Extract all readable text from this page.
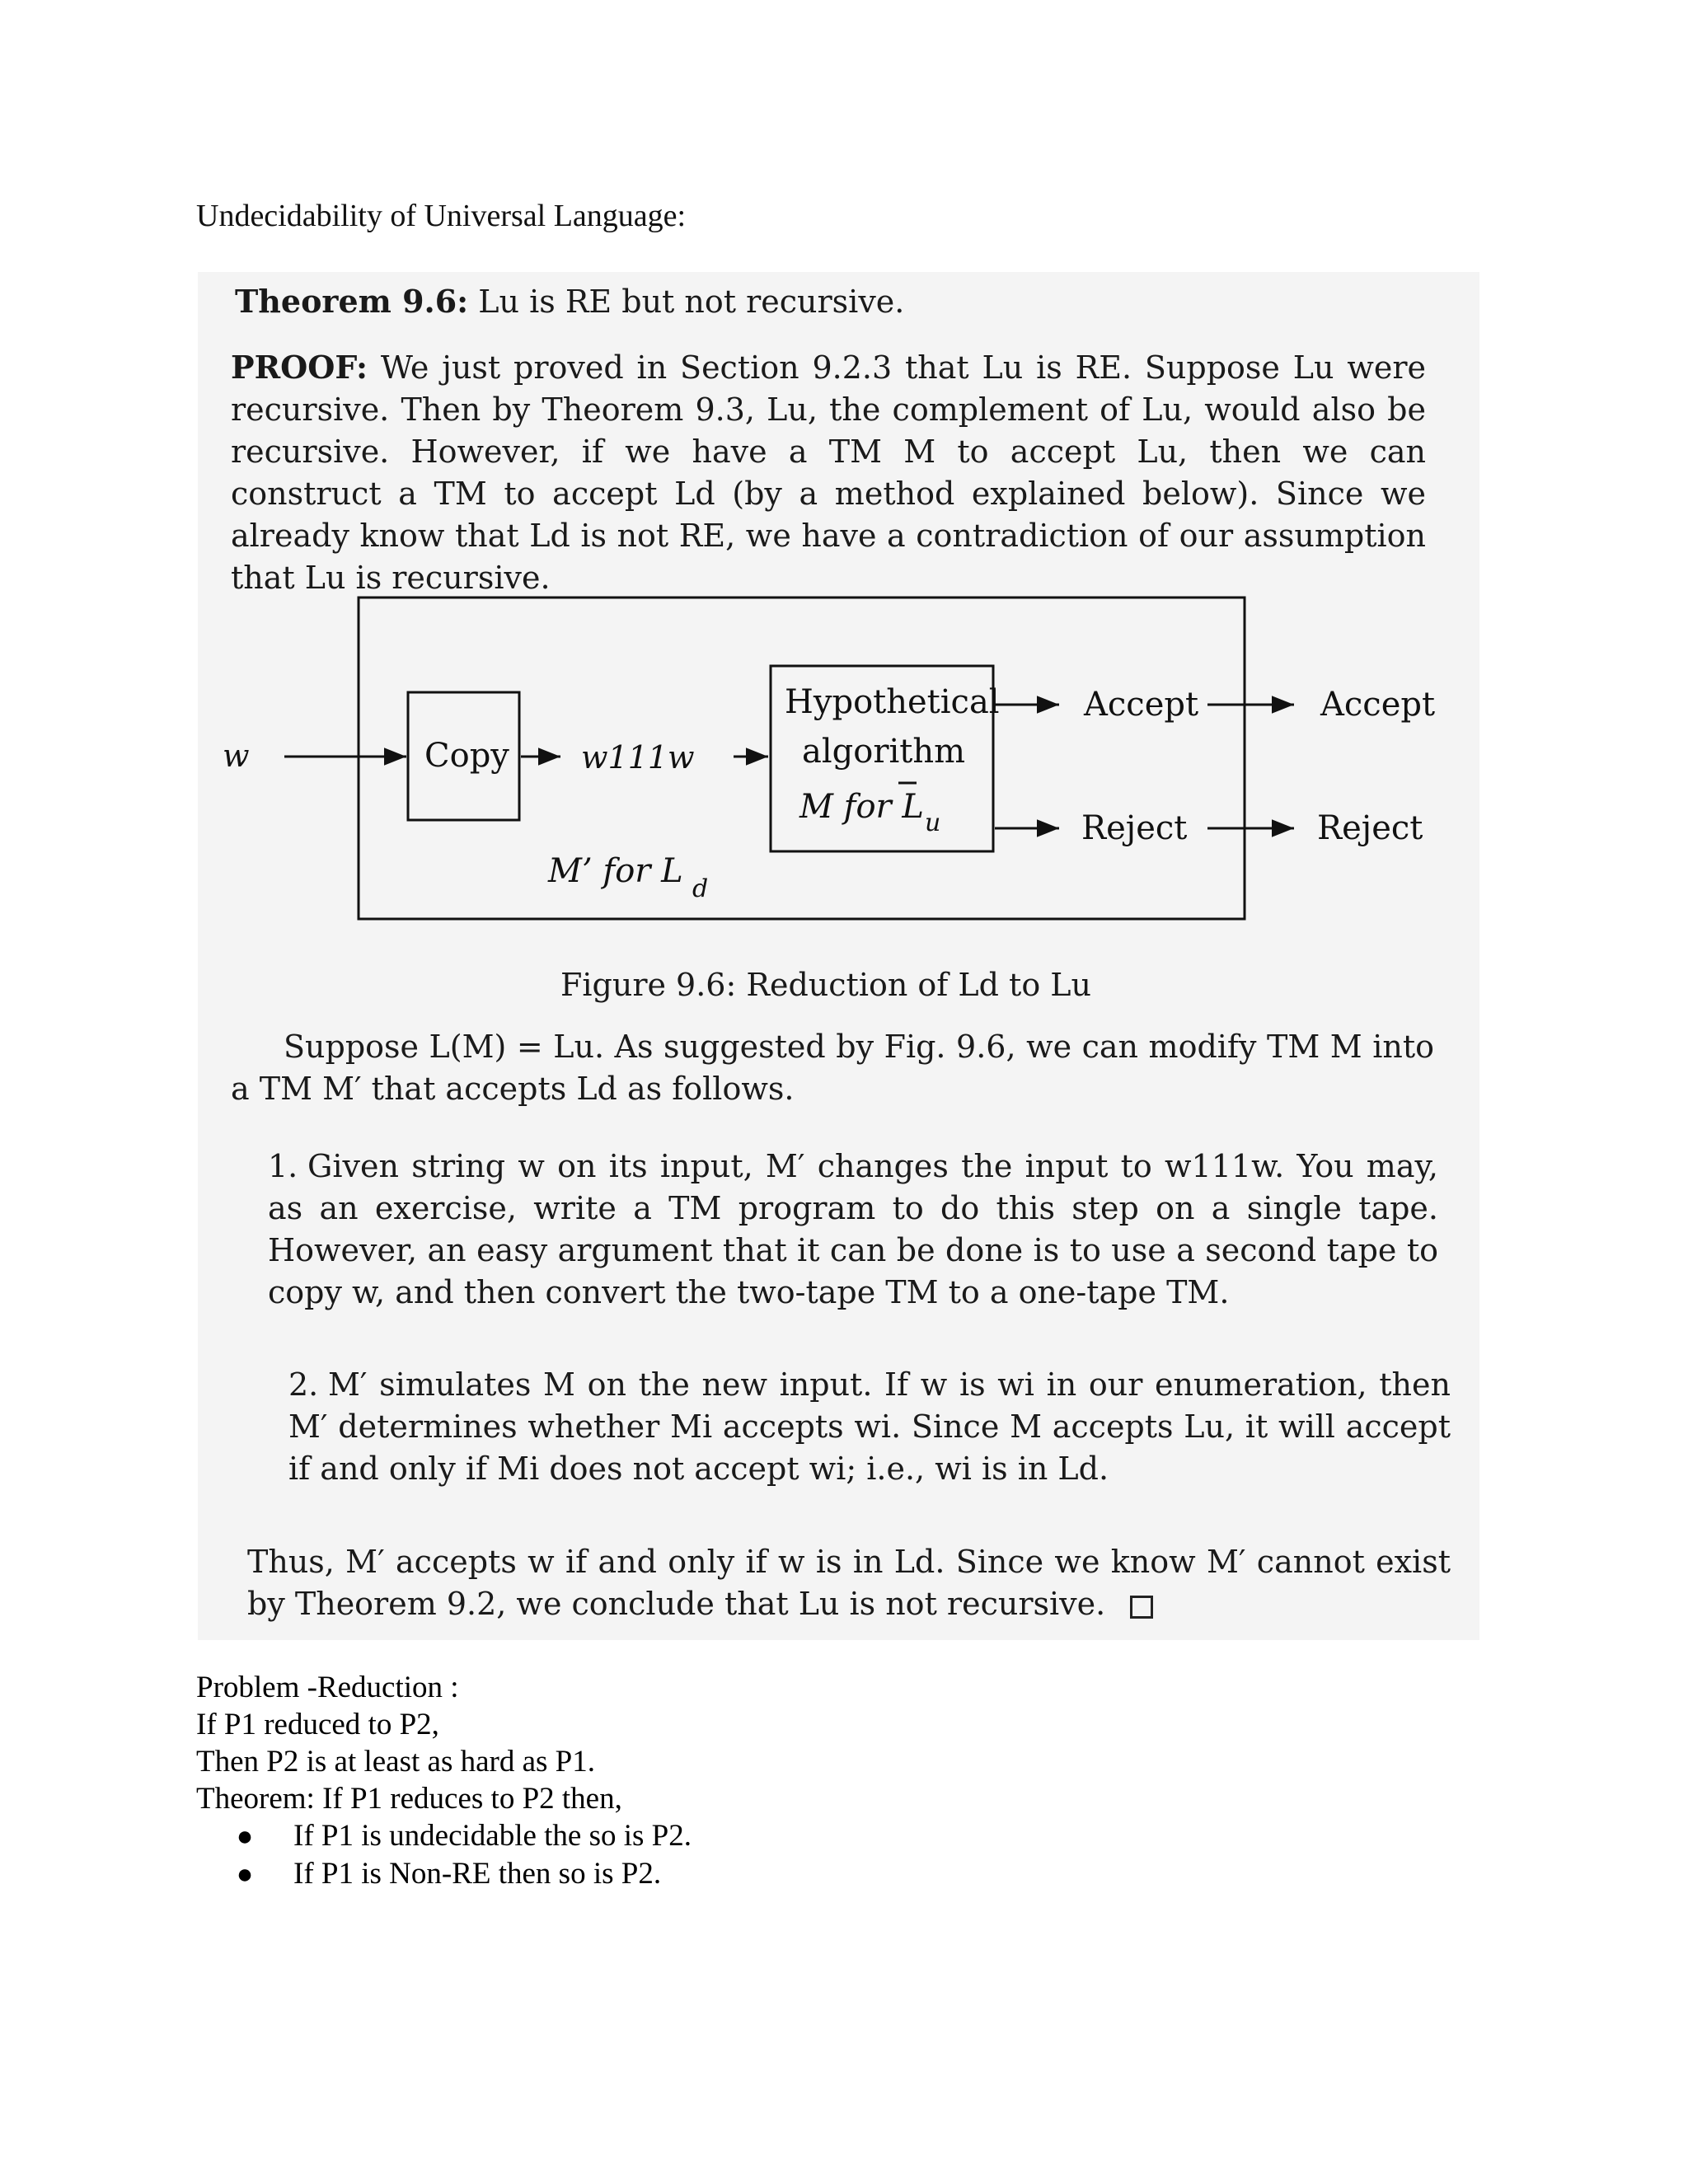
Undecidability of Universal Language:
Theorem 9.6: Lu is RE but not recursive.
PROOF: We just proved in Section 9.2.3 that Lu is RE. Suppose Lu were recursive. Then by Theorem 9.3, Lu, the complement of Lu, would also be recursive. However, if we have a TM M to accept Lu, then we can construct a TM to accept Ld (by a method explained below). Since we already know that Ld is not RE, we have a contradiction of our assumption that Lu is recursive.
w	Copy w111w
Hypothetical
algorithm
M for L u
Accept
Reject
Accept
Reject
M’ for L d
Figure 9.6: Reduction of Ld to Lu
Suppose L(M) = Lu. As suggested by Fig. 9.6, we can modify TM M into a TM M′ that accepts Ld as follows.
1. Given string w on its input, M′ changes the input to w111w. You may, as an exercise, write a TM program to do this step on a single tape. However, an easy argument that it can be done is to use a second tape to copy w, and then convert the two-tape TM to a one-tape TM.
2. M′ simulates M on the new input. If w is wi in our enumeration, then M′ determines whether Mi accepts wi. Since M accepts Lu, it will accept if and only if Mi does not accept wi; i.e., wi is in Ld.
Thus, M′ accepts w if and only if w is in Ld. Since we know M′ cannot exist by Theorem 9.2, we conclude that Lu is not recursive.
Problem -Reduction :
If P1 reduced to P2,
Then P2 is at least as hard as P1.
Theorem: If P1 reduces to P2 then,
● If P1 is undecidable the so is P2.
● If P1 is Non-RE then so is P2.
